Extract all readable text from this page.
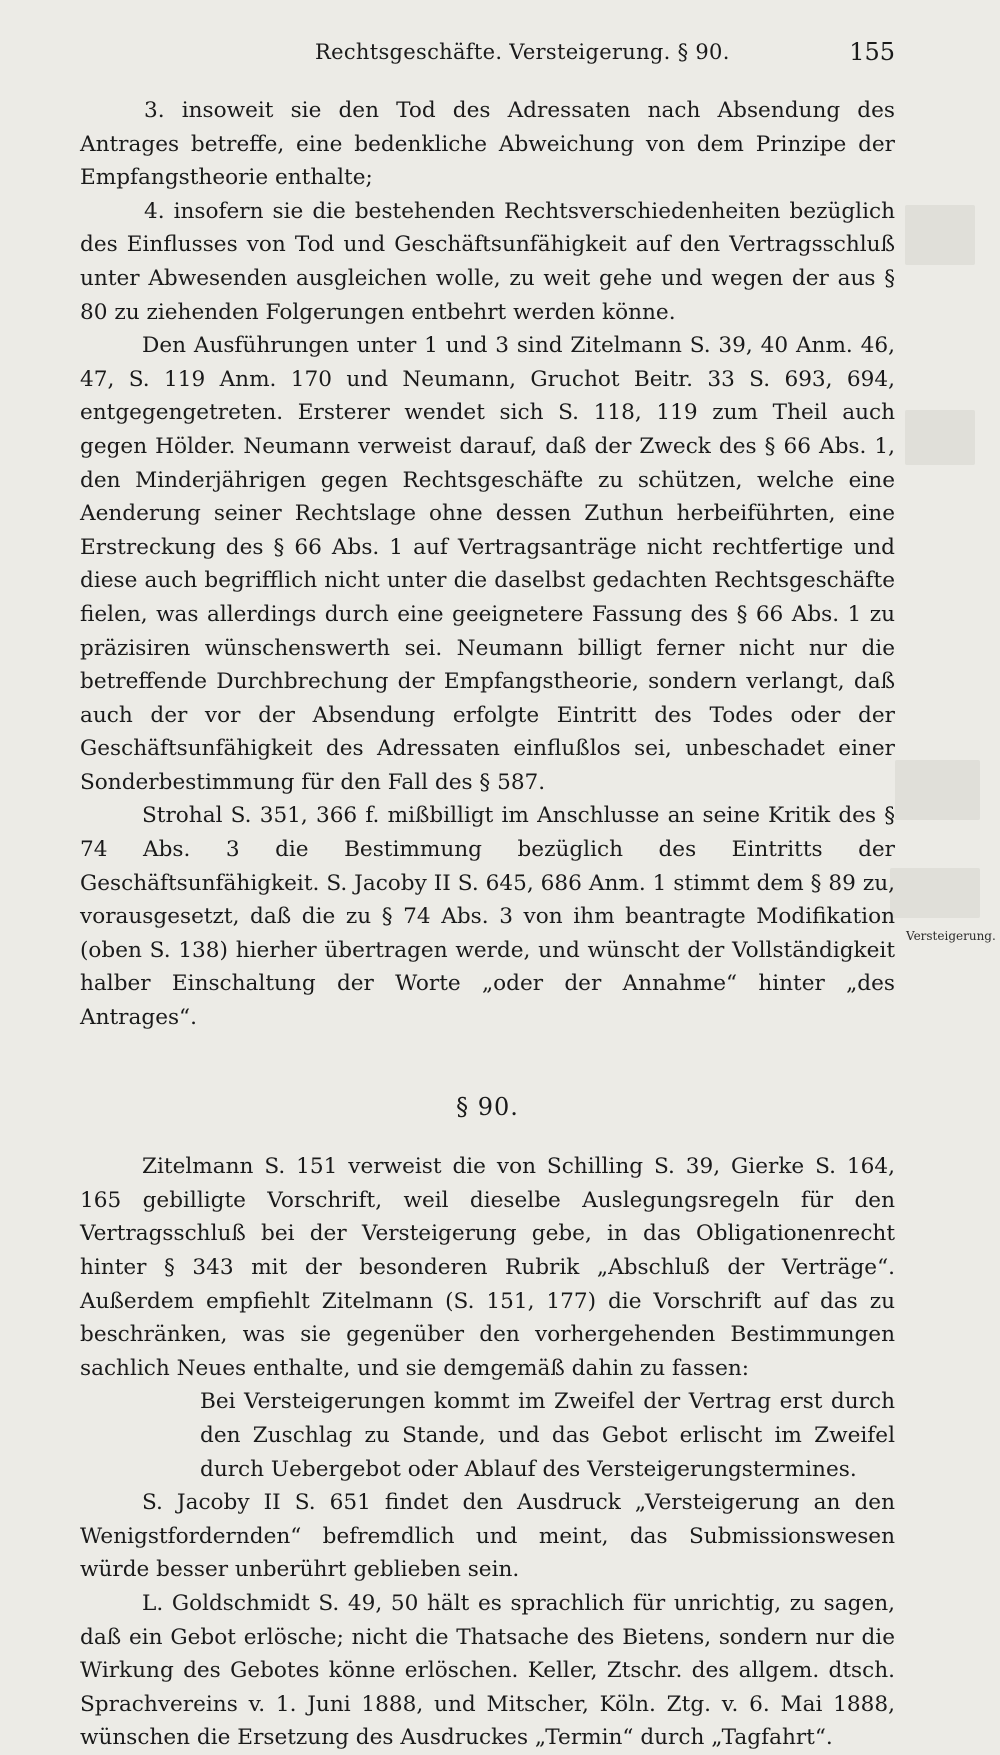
Rechtsgeschäfte. Versteigerung. § 90.	155

3. insoweit sie den Tod des Adressaten nach Absendung des Antrages betreffe, eine bedenkliche Abweichung von dem Prinzipe der Empfangstheorie enthalte;

4. insofern sie die bestehenden Rechtsverschiedenheiten bezüglich des Einflusses von Tod und Geschäftsunfähigkeit auf den Vertragsschluß unter Abwesenden ausgleichen wolle, zu weit gehe und wegen der aus § 80 zu ziehenden Folgerungen entbehrt werden könne.

Den Ausführungen unter 1 und 3 sind Zitelmann S. 39, 40 Anm. 46, 47, S. 119 Anm. 170 und Neumann, Gruchot Beitr. 33 S. 693, 694, entgegengetreten. Ersterer wendet sich S. 118, 119 zum Theil auch gegen Hölder. Neumann verweist darauf, daß der Zweck des § 66 Abs. 1, den Minderjährigen gegen Rechtsgeschäfte zu schützen, welche eine Aenderung seiner Rechtslage ohne dessen Zuthun herbeiführten, eine Erstreckung des § 66 Abs. 1 auf Vertragsanträge nicht rechtfertige und diese auch begrifflich nicht unter die daselbst gedachten Rechtsgeschäfte fielen, was allerdings durch eine geeignetere Fassung des § 66 Abs. 1 zu präzisiren wünschenswerth sei. Neumann billigt ferner nicht nur die betreffende Durchbrechung der Empfangstheorie, sondern verlangt, daß auch der vor der Absendung erfolgte Eintritt des Todes oder der Geschäftsunfähigkeit des Adressaten einflußlos sei, unbeschadet einer Sonderbestimmung für den Fall des § 587.

Strohal S. 351, 366 f. mißbilligt im Anschlusse an seine Kritik des § 74 Abs. 3 die Bestimmung bezüglich des Eintritts der Geschäftsunfähigkeit. S. Jacoby II S. 645, 686 Anm. 1 stimmt dem § 89 zu, vorausgesetzt, daß die zu § 74 Abs. 3 von ihm beantragte Modifikation (oben S. 138) hierher übertragen werde, und wünscht der Vollständigkeit halber Einschaltung der Worte „oder der Annahme“ hinter „des Antrages“.

§ 90.

Zitelmann S. 151 verweist die von Schilling S. 39, Gierke S. 164, 165 gebilligte Vorschrift, weil dieselbe Auslegungsregeln für den Vertragsschluß bei der Versteigerung gebe, in das Obligationenrecht hinter § 343 mit der besonderen Rubrik „Abschluß der Verträge“. Außerdem empfiehlt Zitelmann (S. 151, 177) die Vorschrift auf das zu beschränken, was sie gegenüber den vorhergehenden Bestimmungen sachlich Neues enthalte, und sie demgemäß dahin zu fassen:

Bei Versteigerungen kommt im Zweifel der Vertrag erst durch den Zuschlag zu Stande, und das Gebot erlischt im Zweifel durch Uebergebot oder Ablauf des Versteigerungstermines.

S. Jacoby II S. 651 findet den Ausdruck „Versteigerung an den Wenigstfordernden“ befremdlich und meint, das Submissionswesen würde besser unberührt geblieben sein.

L. Goldschmidt S. 49, 50 hält es sprachlich für unrichtig, zu sagen, daß ein Gebot erlösche; nicht die Thatsache des Bietens, sondern nur die Wirkung des Gebotes könne erlöschen. Keller, Ztschr. des allgem. dtsch. Sprachvereins v. 1. Juni 1888, und Mitscher, Köln. Ztg. v. 6. Mai 1888, wünschen die Ersetzung des Ausdruckes „Termin“ durch „Tagfahrt“.

Versteigerung.
